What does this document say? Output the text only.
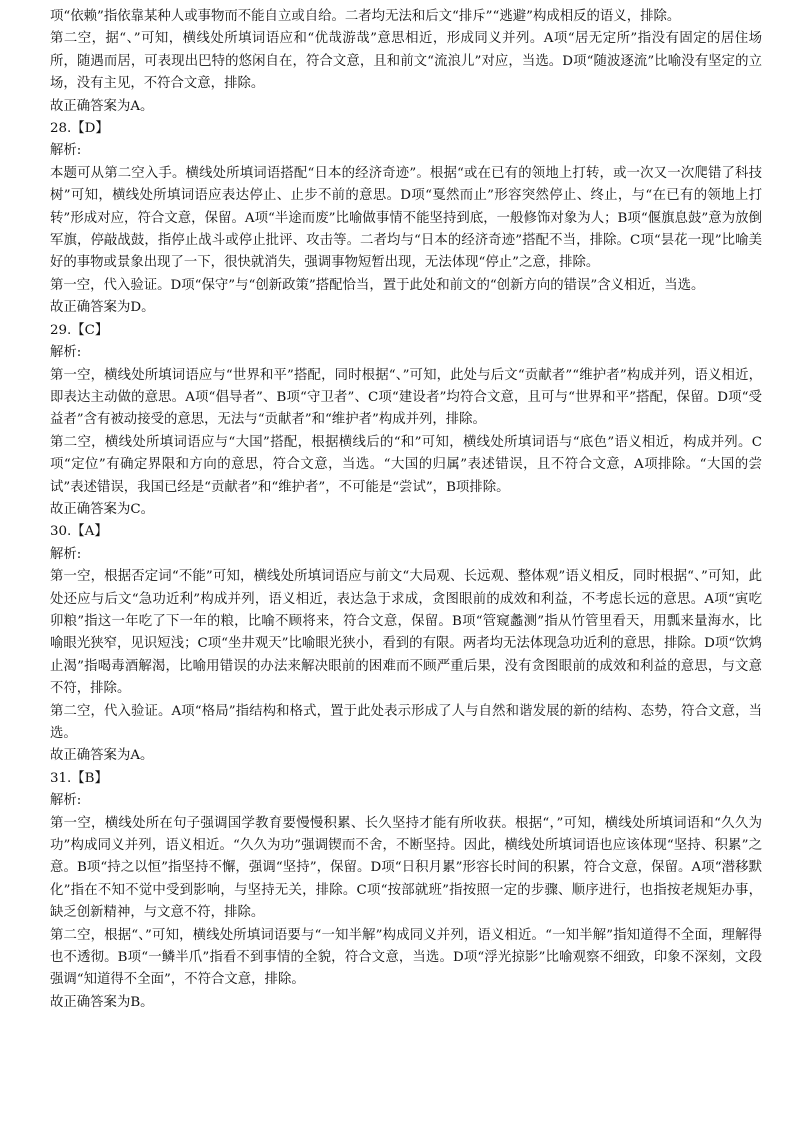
项“依赖”指依靠某种人或事物而不能自立或自给。二者均无法和后文“排斥”“逃避”构成相反的语义，排除。

第二空，据“、”可知，横线处所填词语应和“优哉游哉”意思相近，形成同义并列。A项“居无定所”指没有固定的居住场所，随遇而居，可表现出巴特的悠闲自在，符合文意，且和前文“流浪儿”对应，当选。D项“随波逐流”比喻没有坚定的立场，没有主见，不符合文意，排除。

故正确答案为A。
28.【D】
解析:

本题可从第二空入手。横线处所填词语搭配“日本的经济奇迹”。根据“或在已有的领地上打转，或一次又一次爬错了科技树”可知，横线处所填词语应表达停止、止步不前的意思。D项“戛然而止”形容突然停止、终止，与“在已有的领地上打转”形成对应，符合文意，保留。A项“半途而废”比喻做事情不能坚持到底，一般修饰对象为人；B项“偃旗息鼓”意为放倒军旗，停敲战鼓，指停止战斗或停止批评、攻击等。二者均与“日本的经济奇迹”搭配不当，排除。C项“昙花一现”比喻美好的事物或景象出现了一下，很快就消失，强调事物短暂出现，无法体现“停止”之意，排除。

第一空，代入验证。D项“保守”与“创新政策”搭配恰当，置于此处和前文的“创新方向的错误”含义相近，当选。

故正确答案为D。
29.【C】
解析:

第一空，横线处所填词语应与“世界和平”搭配，同时根据“、”可知，此处与后文“贡献者”“维护者”构成并列，语义相近，即表达主动做的意思。A项“倡导者”、B项“守卫者”、C项“建设者”均符合文意，且可与“世界和平”搭配，保留。D项“受益者”含有被动接受的意思，无法与“贡献者”和“维护者”构成并列，排除。

第二空，横线处所填词语应与“大国”搭配，根据横线后的“和”可知，横线处所填词语与“底色”语义相近，构成并列。C项“定位”有确定界限和方向的意思，符合文意，当选。“大国的归属”表述错误，且不符合文意，A项排除。“大国的尝试”表述错误，我国已经是“贡献者”和“维护者”，不可能是“尝试”，B项排除。

故正确答案为C。
30.【A】
解析:

第一空，根据否定词“不能”可知，横线处所填词语应与前文“大局观、长远观、整体观”语义相反，同时根据“、”可知，此处还应与后文“急功近利”构成并列，语义相近，表达急于求成，贪图眼前的成效和利益，不考虑长远的意思。A项“寅吃卯粮”指这一年吃了下一年的粮，比喻不顾将来，符合文意，保留。B项“管窥蠡测”指从竹管里看天，用瓢来量海水，比喻眼光狭窄，见识短浅；C项“坐井观天”比喻眼光狭小，看到的有限。两者均无法体现急功近利的意思，排除。D项“饮鸩止渴”指喝毒酒解渴，比喻用错误的办法来解决眼前的困难而不顾严重后果，没有贪图眼前的成效和利益的意思，与文意不符，排除。

第二空，代入验证。A项“格局”指结构和格式，置于此处表示形成了人与自然和谐发展的新的结构、态势，符合文意，当选。

故正确答案为A。
31.【B】
解析:

第一空，横线处所在句子强调国学教育要慢慢积累、长久坚持才能有所收获。根据“，”可知，横线处所填词语和“久久为功”构成同义并列，语义相近。“久久为功”强调锲而不舍，不断坚持。因此，横线处所填词语也应该体现“坚持、积累”之意。B项“持之以恒”指坚持不懈，强调“坚持”，保留。D项“日积月累”形容长时间的积累，符合文意，保留。A项“潜移默化”指在不知不觉中受到影响，与坚持无关，排除。C项“按部就班”指按照一定的步骤、顺序进行，也指按老规矩办事，缺乏创新精神，与文意不符，排除。

第二空，根据“、”可知，横线处所填词语要与“一知半解”构成同义并列，语义相近。“一知半解”指知道得不全面，理解得也不透彻。B项“一鳞半爪”指看不到事情的全貌，符合文意，当选。D项“浮光掠影”比喻观察不细致，印象不深刻，文段强调“知道得不全面”，不符合文意，排除。

故正确答案为B。
